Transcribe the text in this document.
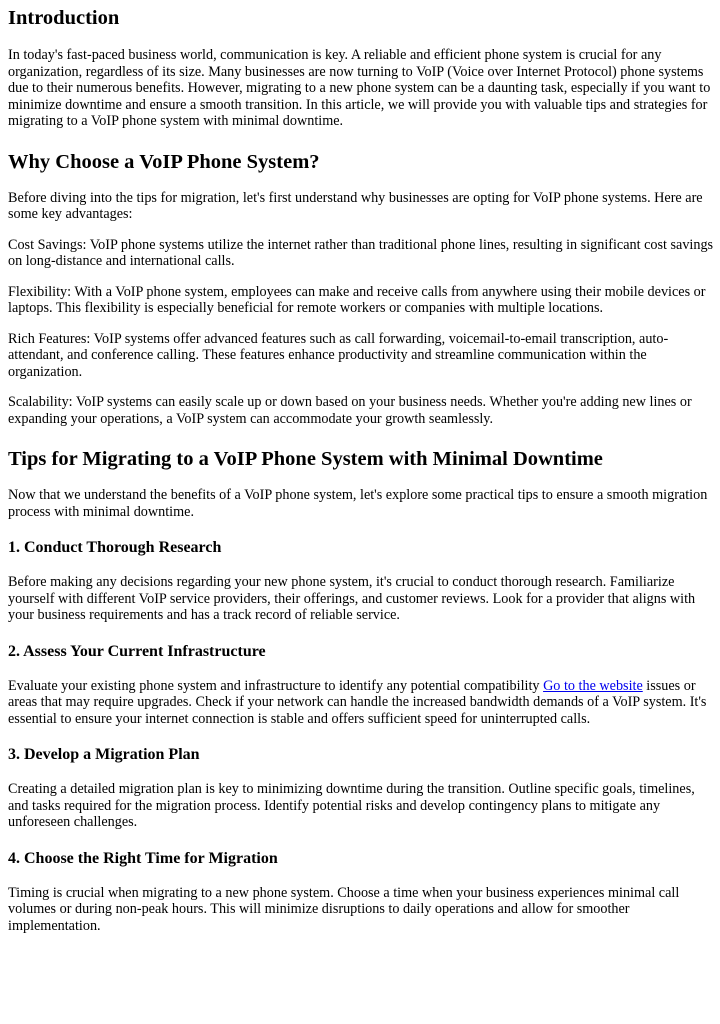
Introduction

In today's fast-paced business world, communication is key. A reliable and efficient phone system is crucial for any organization, regardless of its size. Many businesses are now turning to VoIP (Voice over Internet Protocol) phone systems due to their numerous benefits. However, migrating to a new phone system can be a daunting task, especially if you want to minimize downtime and ensure a smooth transition. In this article, we will provide you with valuable tips and strategies for migrating to a VoIP phone system with minimal downtime.

Why Choose a VoIP Phone System?

Before diving into the tips for migration, let's first understand why businesses are opting for VoIP phone systems. Here are some key advantages:

Cost Savings: VoIP phone systems utilize the internet rather than traditional phone lines, resulting in significant cost savings on long-distance and international calls.

Flexibility: With a VoIP phone system, employees can make and receive calls from anywhere using their mobile devices or laptops. This flexibility is especially beneficial for remote workers or companies with multiple locations.

Rich Features: VoIP systems offer advanced features such as call forwarding, voicemail-to-email transcription, auto-attendant, and conference calling. These features enhance productivity and streamline communication within the organization.

Scalability: VoIP systems can easily scale up or down based on your business needs. Whether you're adding new lines or expanding your operations, a VoIP system can accommodate your growth seamlessly.

Tips for Migrating to a VoIP Phone System with Minimal Downtime

Now that we understand the benefits of a VoIP phone system, let's explore some practical tips to ensure a smooth migration process with minimal downtime.

1. Conduct Thorough Research

Before making any decisions regarding your new phone system, it's crucial to conduct thorough research. Familiarize yourself with different VoIP service providers, their offerings, and customer reviews. Look for a provider that aligns with your business requirements and has a track record of reliable service.

2. Assess Your Current Infrastructure

Evaluate your existing phone system and infrastructure to identify any potential compatibility Go to the website issues or areas that may require upgrades. Check if your network can handle the increased bandwidth demands of a VoIP system. It's essential to ensure your internet connection is stable and offers sufficient speed for uninterrupted calls.

3. Develop a Migration Plan

Creating a detailed migration plan is key to minimizing downtime during the transition. Outline specific goals, timelines, and tasks required for the migration process. Identify potential risks and develop contingency plans to mitigate any unforeseen challenges.

4. Choose the Right Time for Migration

Timing is crucial when migrating to a new phone system. Choose a time when your business experiences minimal call volumes or during non-peak hours. This will minimize disruptions to daily operations and allow for smoother implementation.
